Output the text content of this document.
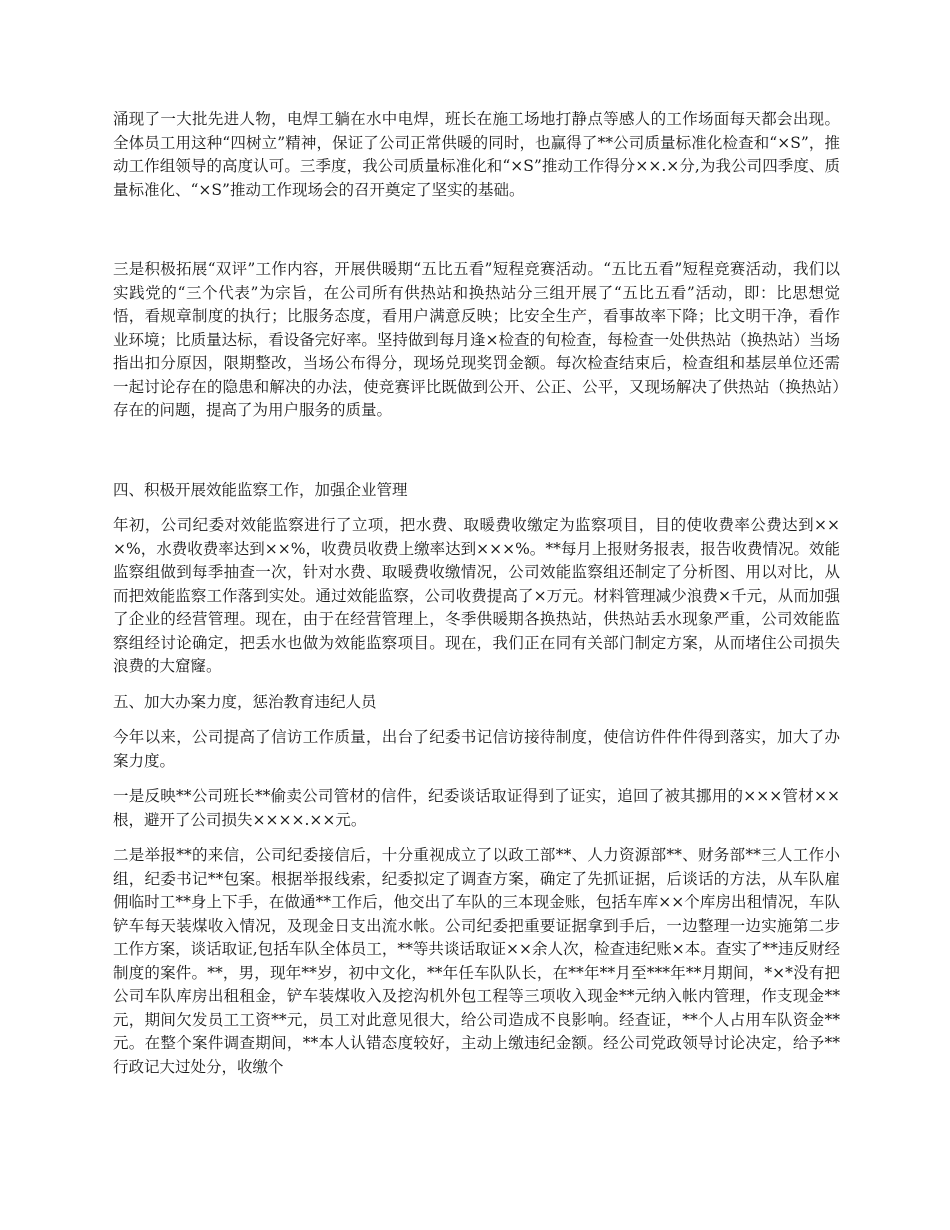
涌现了一大批先进人物，电焊工躺在水中电焊，班长在施工场地打静点等感人的工作场面每天都会出现。全体员工用这种“四树立”精神，保证了公司正常供暖的同时，也赢得了**公司质量标准化检查和“×S”，推动工作组领导的高度认可。三季度，我公司质量标准化和“×S”推动工作得分××.×分,为我公司四季度、质量标准化、“×S”推动工作现场会的召开奠定了坚实的基础。

三是积极拓展“双评”工作内容，开展供暖期“五比五看”短程竞赛活动。“五比五看”短程竞赛活动，我们以实践党的“三个代表”为宗旨，在公司所有供热站和换热站分三组开展了“五比五看”活动，即：比思想觉悟，看规章制度的执行；比服务态度，看用户满意反映；比安全生产，看事故率下降；比文明干净，看作业环境；比质量达标，看设备完好率。坚持做到每月逢×检查的旬检查，每检查一处供热站（换热站）当场指出扣分原因，限期整改，当场公布得分，现场兑现奖罚金额。每次检查结束后，检查组和基层单位还需一起讨论存在的隐患和解决的办法，使竞赛评比既做到公开、公正、公平，又现场解决了供热站（换热站）存在的问题，提高了为用户服务的质量。

四、积极开展效能监察工作，加强企业管理

年初，公司纪委对效能监察进行了立项，把水费、取暖费收缴定为监察项目，目的使收费率公费达到×××%，水费收费率达到××%，收费员收费上缴率达到×××%。**每月上报财务报表，报告收费情况。效能监察组做到每季抽查一次，针对水费、取暖费收缴情况，公司效能监察组还制定了分析图、用以对比，从而把效能监察工作落到实处。通过效能监察，公司收费提高了×万元。材料管理减少浪费×千元，从而加强了企业的经营管理。现在，由于在经营管理上，冬季供暖期各换热站，供热站丢水现象严重，公司效能监察组经讨论确定，把丢水也做为效能监察项目。现在，我们正在同有关部门制定方案，从而堵住公司损失浪费的大窟窿。

五、加大办案力度，惩治教育违纪人员

今年以来，公司提高了信访工作质量，出台了纪委书记信访接待制度，使信访件件件得到落实，加大了办案力度。

一是反映**公司班长**偷卖公司管材的信件，纪委谈话取证得到了证实，追回了被其挪用的×××管材××根，避开了公司损失××××.××元。

二是举报**的来信，公司纪委接信后，十分重视成立了以政工部**、人力资源部**、财务部**三人工作小组，纪委书记**包案。根据举报线索，纪委拟定了调查方案，确定了先抓证据，后谈话的方法，从车队雇佣临时工**身上下手，在做通**工作后，他交出了车队的三本现金账，包括车库××个库房出租情况，车队铲车每天装煤收入情况，及现金日支出流水帐。公司纪委把重要证据拿到手后，一边整理一边实施第二步工作方案，谈话取证,包括车队全体员工，**等共谈话取证××余人次，检查违纪账×本。查实了**违反财经制度的案件。**，男，现年**岁，初中文化，**年任车队队长，在**年**月至***年**月期间，*×*没有把公司车队库房出租租金，铲车装煤收入及挖沟机外包工程等三项收入现金**元纳入帐内管理，作支现金**元，期间欠发员工工资**元，员工对此意见很大，给公司造成不良影响。经查证，**个人占用车队资金**元。在整个案件调查期间，**本人认错态度较好，主动上缴违纪金额。经公司党政领导讨论决定，给予**行政记大过处分，收缴个
